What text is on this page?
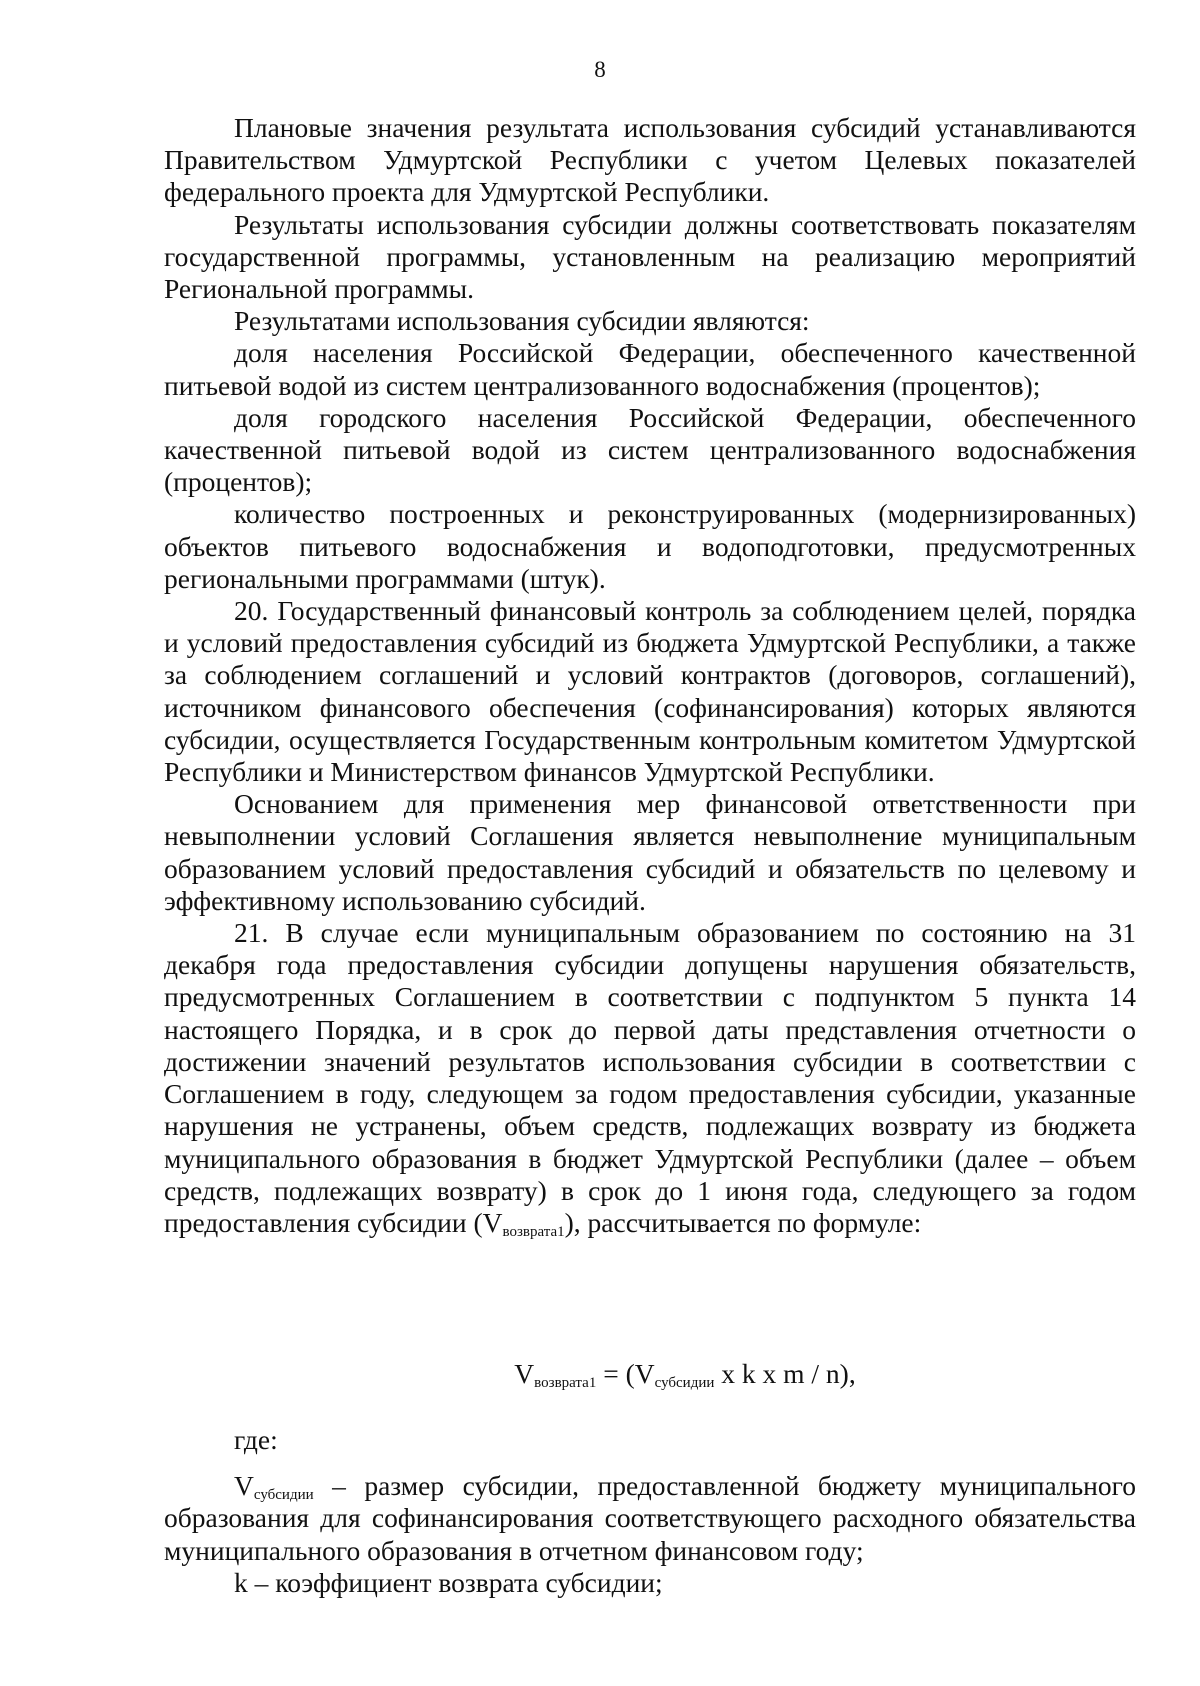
8

Плановые значения результата использования субсидий устанавливаются Правительством Удмуртской Республики с учетом Целевых показателей федерального проекта для Удмуртской Республики.

Результаты использования субсидии должны соответствовать показателям государственной программы, установленным на реализацию мероприятий Региональной программы.

Результатами использования субсидии являются:

доля населения Российской Федерации, обеспеченного качественной питьевой водой из систем централизованного водоснабжения (процентов);

доля городского населения Российской Федерации, обеспеченного качественной питьевой водой из систем централизованного водоснабжения (процентов);

количество построенных и реконструированных (модернизированных) объектов питьевого водоснабжения и водоподготовки, предусмотренных региональными программами (штук).

20. Государственный финансовый контроль за соблюдением целей, порядка и условий предоставления субсидий из бюджета Удмуртской Республики, а также за соблюдением соглашений и условий контрактов (договоров, соглашений), источником финансового обеспечения (софинансирования) которых являются субсидии, осуществляется Государственным контрольным комитетом Удмуртской Республики и Министерством финансов Удмуртской Республики.

Основанием для применения мер финансовой ответственности при невыполнении условий Соглашения является невыполнение муниципальным образованием условий предоставления субсидий и обязательств по целевому и эффективному использованию субсидий.

21. В случае если муниципальным образованием по состоянию на 31 декабря года предоставления субсидии допущены нарушения обязательств, предусмотренных Соглашением в соответствии с подпунктом 5 пункта 14 настоящего Порядка, и в срок до первой даты представления отчетности о достижении значений результатов использования субсидии в соответствии с Соглашением в году, следующем за годом предоставления субсидии, указанные нарушения не устранены, объем средств, подлежащих возврату из бюджета муниципального образования в бюджет Удмуртской Республики (далее – объем средств, подлежащих возврату) в срок до 1 июня года, следующего за годом предоставления субсидии $(V_{возврата1})$, рассчитывается по формуле:

$V_{возврата1} = (V_{субсидии}$ x k x m / n),

где:

$V_{субсидии}$ – размер субсидии, предоставленной бюджету муниципального образования для софинансирования соответствующего расходного обязательства муниципального образования в отчетном финансовом году;

k – коэффициент возврата субсидии;
